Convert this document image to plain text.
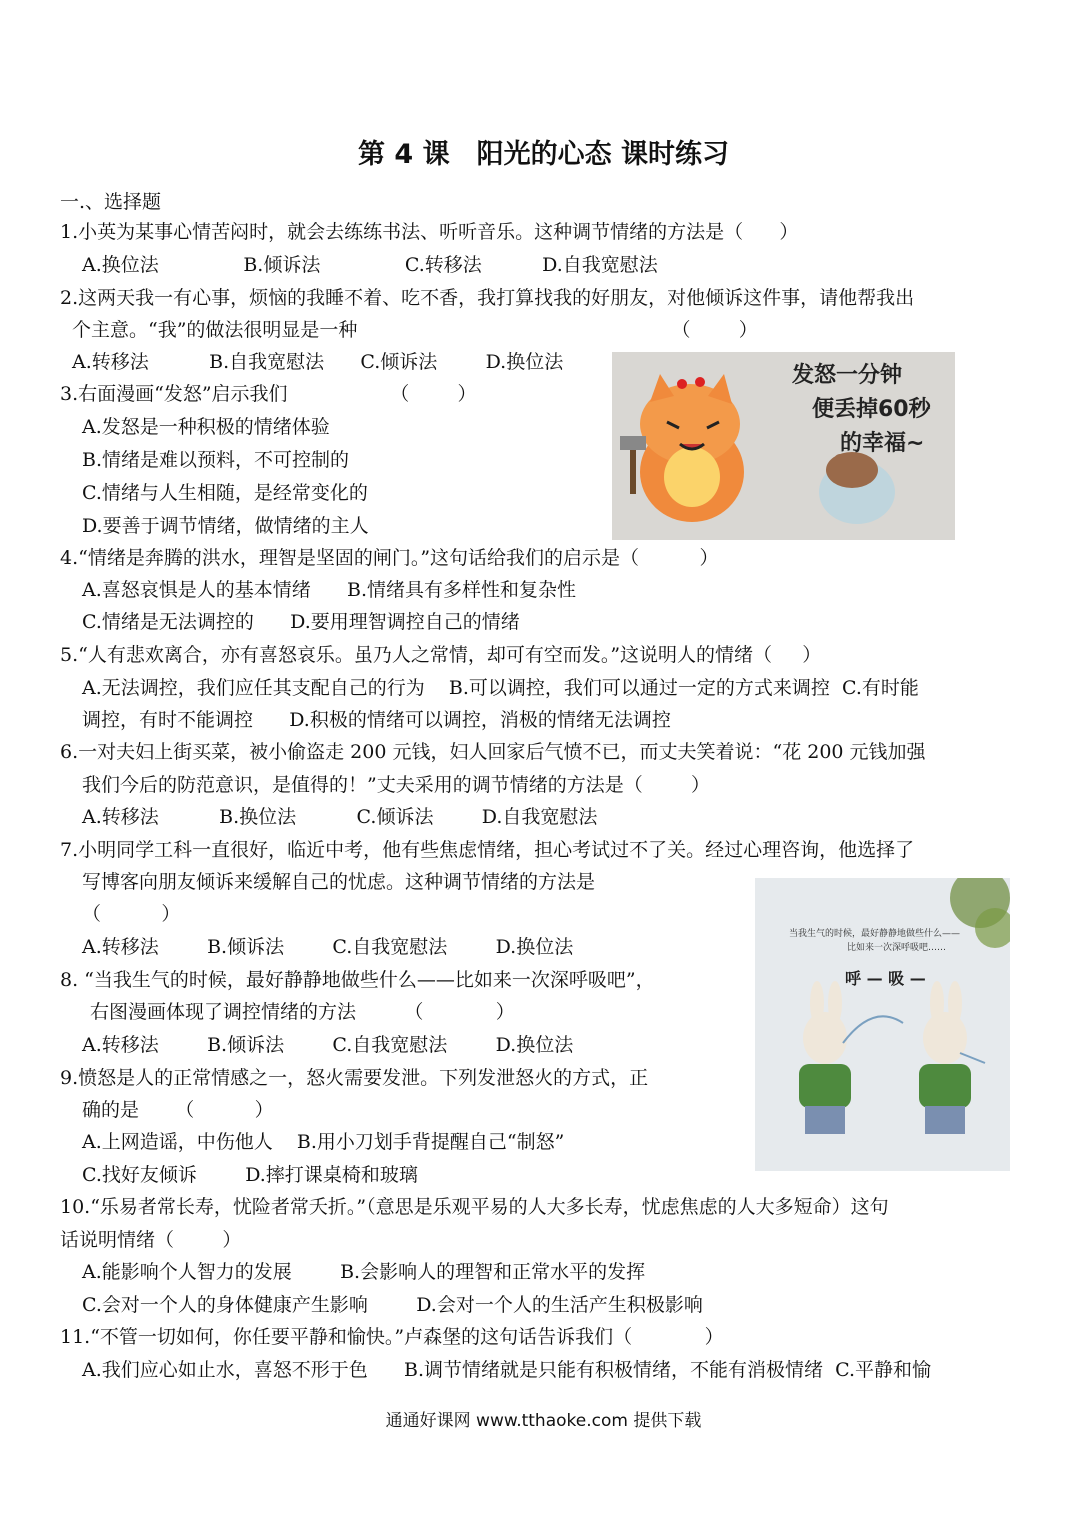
第 4 课　阳光的心态 课时练习
一.、选择题
1.小英为某事心情苦闷时，就会去练练书法、听听音乐。这种调节情绪的方法是（      ）
A.换位法              B.倾诉法              C.转移法          D.自我宽慰法
2.这两天我一有心事，烦恼的我睡不着、吃不香，我打算找我的好朋友，对他倾诉这件事，请他帮我出
个主意。“我”的做法很明显是一种                                                    （        ）
A.转移法          B.自我宽慰法      C.倾诉法        D.换位法
3.右面漫画“发怒”启示我们                 （        ）
A.发怒是一种积极的情绪体验
B.情绪是难以预料，不可控制的
C.情绪与人生相随，是经常变化的
D.要善于调节情绪，做情绪的主人
4.“情绪是奔腾的洪水，理智是坚固的闸门。”这句话给我们的启示是（          ）
A.喜怒哀惧是人的基本情绪      B.情绪具有多样性和复杂性
C.情绪是无法调控的      D.要用理智调控自己的情绪
5.“人有悲欢离合，亦有喜怒哀乐。虽乃人之常情，却可有空而发。”这说明人的情绪（     ）
A.无法调控，我们应任其支配自己的行为    B.可以调控，我们可以通过一定的方式来调控  C.有时能
调控，有时不能调控      D.积极的情绪可以调控，消极的情绪无法调控
6.一对夫妇上街买菜，被小偷盗走 200 元钱，妇人回家后气愤不已，而丈夫笑着说：“花 200 元钱加强
我们今后的防范意识，是值得的！”丈夫采用的调节情绪的方法是（        ）
A.转移法          B.换位法          C.倾诉法        D.自我宽慰法
7.小明同学工科一直很好，临近中考，他有些焦虑情绪，担心考试过不了关。经过心理咨询，他选择了
写博客向朋友倾诉来缓解自己的忧虑。这种调节情绪的方法是
（          ）
A.转移法        B.倾诉法        C.自我宽慰法        D.换位法
8. “当我生气的时候，最好静静地做些什么——比如来一次深呼吸吧”，
右图漫画体现了调控情绪的方法        （            ）
A.转移法        B.倾诉法        C.自我宽慰法        D.换位法
9.愤怒是人的正常情感之一，怒火需要发泄。下列发泄怒火的方式，正
确的是      （          ）
A.上网造谣，中伤他人    B.用小刀划手背提醒自己“制怒”
C.找好友倾诉        D.摔打课桌椅和玻璃
10.“乐易者常长寿，忧险者常夭折。”（意思是乐观平易的人大多长寿，忧虑焦虑的人大多短命）这句
话说明情绪（        ）
A.能影响个人智力的发展        B.会影响人的理智和正常水平的发挥
C.会对一个人的身体健康产生影响        D.会对一个人的生活产生积极影响
11.“不管一切如何，你任要平静和愉快。”卢森堡的这句话告诉我们（            ）
A.我们应心如止水，喜怒不形于色      B.调节情绪就是只能有积极情绪，不能有消极情绪  C.平静和愉
发怒一分钟
便丢掉60秒
的幸福~
当我生气的时候，最好静静地做些什么——
比如来一次深呼吸吧……
呼 — 吸 —
通通好课网 www.tthaoke.com 提供下载
